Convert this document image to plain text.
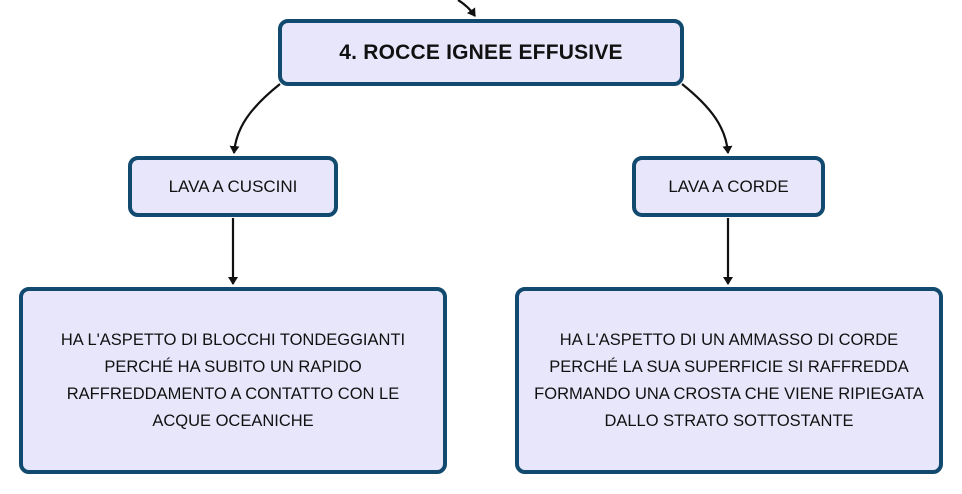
4. ROCCE IGNEE EFFUSIVE
LAVA A CUSCINI	LAVA A CORDE
HA L'ASPETTO DI BLOCCHI TONDEGGIANTI PERCHÉ HA SUBITO UN RAPIDO RAFFREDDAMENTO A CONTATTO CON LE ACQUE OCEANICHE
HA L'ASPETTO DI UN AMMASSO DI CORDE PERCHÉ LA SUA SUPERFICIE SI RAFFREDDA FORMANDO UNA CROSTA CHE VIENE RIPIEGATA DALLO STRATO SOTTOSTANTE
